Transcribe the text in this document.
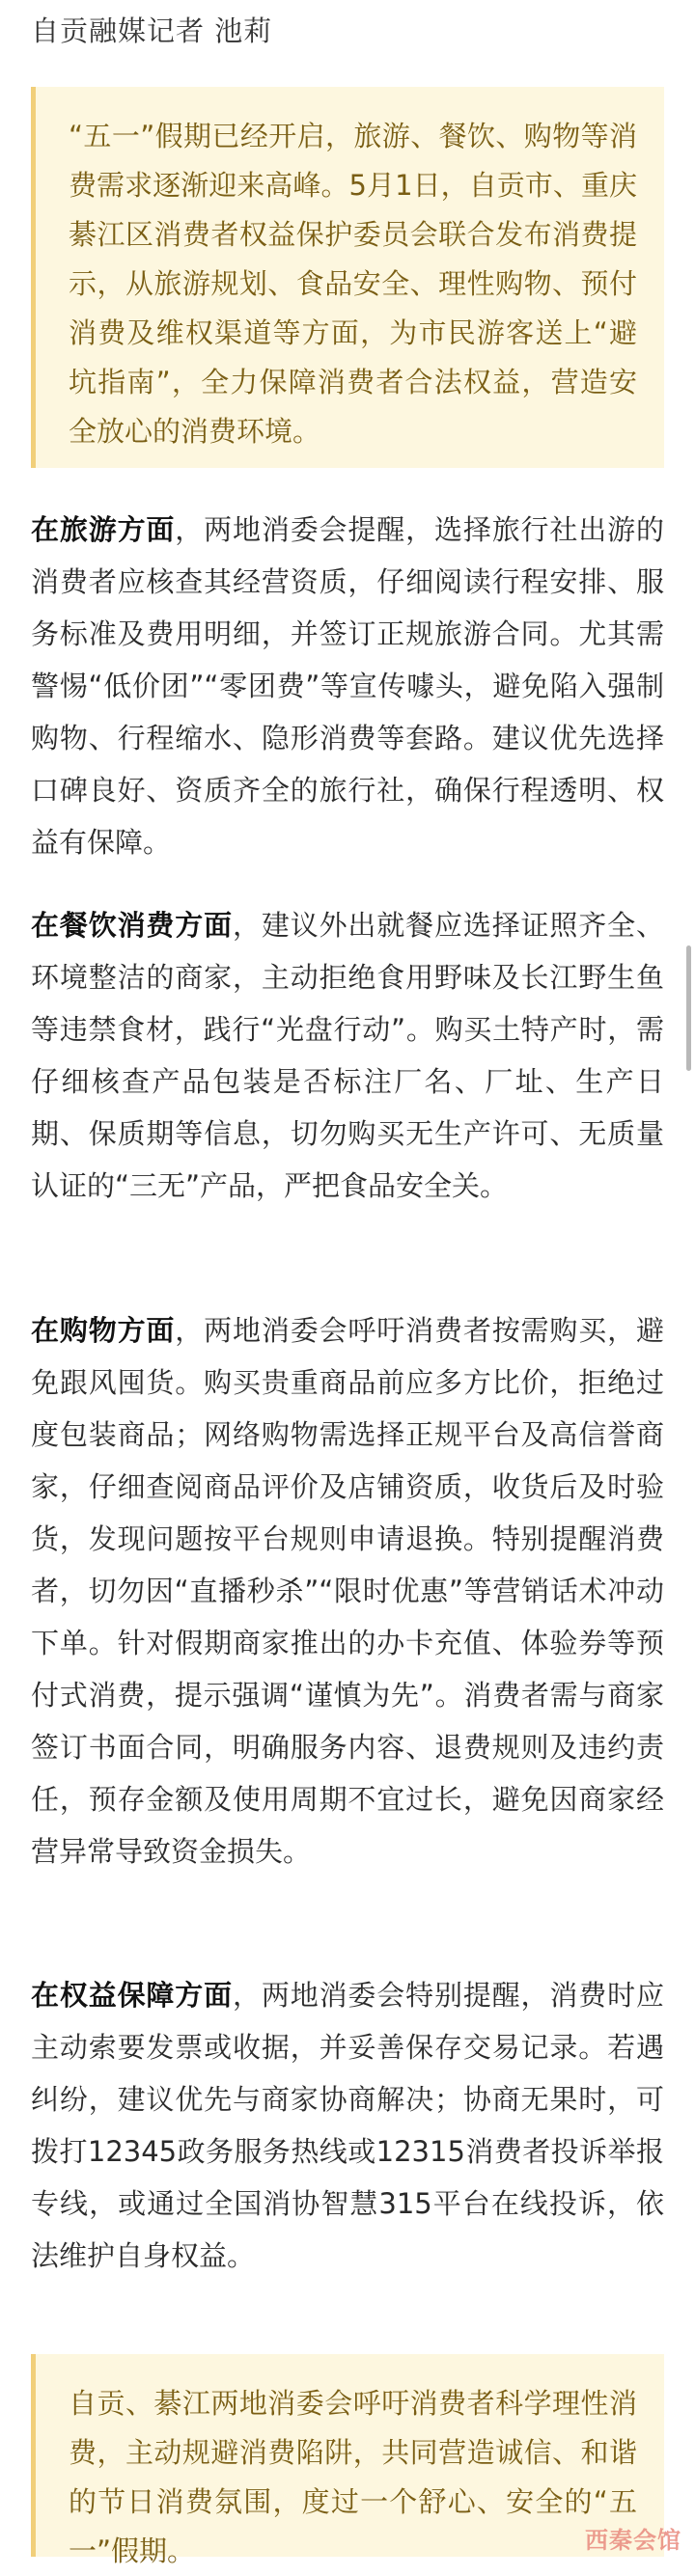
自贡融媒记者 池莉
“五一”假期已经开启，旅游、餐饮、购物等消费需求逐渐迎来高峰。5月1日，自贡市、重庆綦江区消费者权益保护委员会联合发布消费提示，从旅游规划、食品安全、理性购物、预付消费及维权渠道等方面，为市民游客送上“避坑指南”，全力保障消费者合法权益，营造安全放心的消费环境。
在旅游方面，两地消委会提醒，选择旅行社出游的消费者应核查其经营资质，仔细阅读行程安排、服务标准及费用明细，并签订正规旅游合同。尤其需警惕“低价团”“零团费”等宣传噱头，避免陷入强制购物、行程缩水、隐形消费等套路。建议优先选择口碑良好、资质齐全的旅行社，确保行程透明、权益有保障。
在餐饮消费方面，建议外出就餐应选择证照齐全、环境整洁的商家，主动拒绝食用野味及长江野生鱼等违禁食材，践行“光盘行动”。购买土特产时，需仔细核查产品包装是否标注厂名、厂址、生产日期、保质期等信息，切勿购买无生产许可、无质量认证的“三无”产品，严把食品安全关。
在购物方面，两地消委会呼吁消费者按需购买，避免跟风囤货。购买贵重商品前应多方比价，拒绝过度包装商品；网络购物需选择正规平台及高信誉商家，仔细查阅商品评价及店铺资质，收货后及时验货，发现问题按平台规则申请退换。特别提醒消费者，切勿因“直播秒杀”“限时优惠”等营销话术冲动下单。针对假期商家推出的办卡充值、体验券等预付式消费，提示强调“谨慎为先”。消费者需与商家签订书面合同，明确服务内容、退费规则及违约责任，预存金额及使用周期不宜过长，避免因商家经营异常导致资金损失。
在权益保障方面，两地消委会特别提醒，消费时应主动索要发票或收据，并妥善保存交易记录。若遇纠纷，建议优先与商家协商解决；协商无果时，可拨打12345政务服务热线或12315消费者投诉举报专线，或通过全国消协智慧315平台在线投诉，依法维护自身权益。
自贡、綦江两地消委会呼吁消费者科学理性消费，主动规避消费陷阱，共同营造诚信、和谐的节日消费氛围，度过一个舒心、安全的“五一”假期。	西秦会馆
